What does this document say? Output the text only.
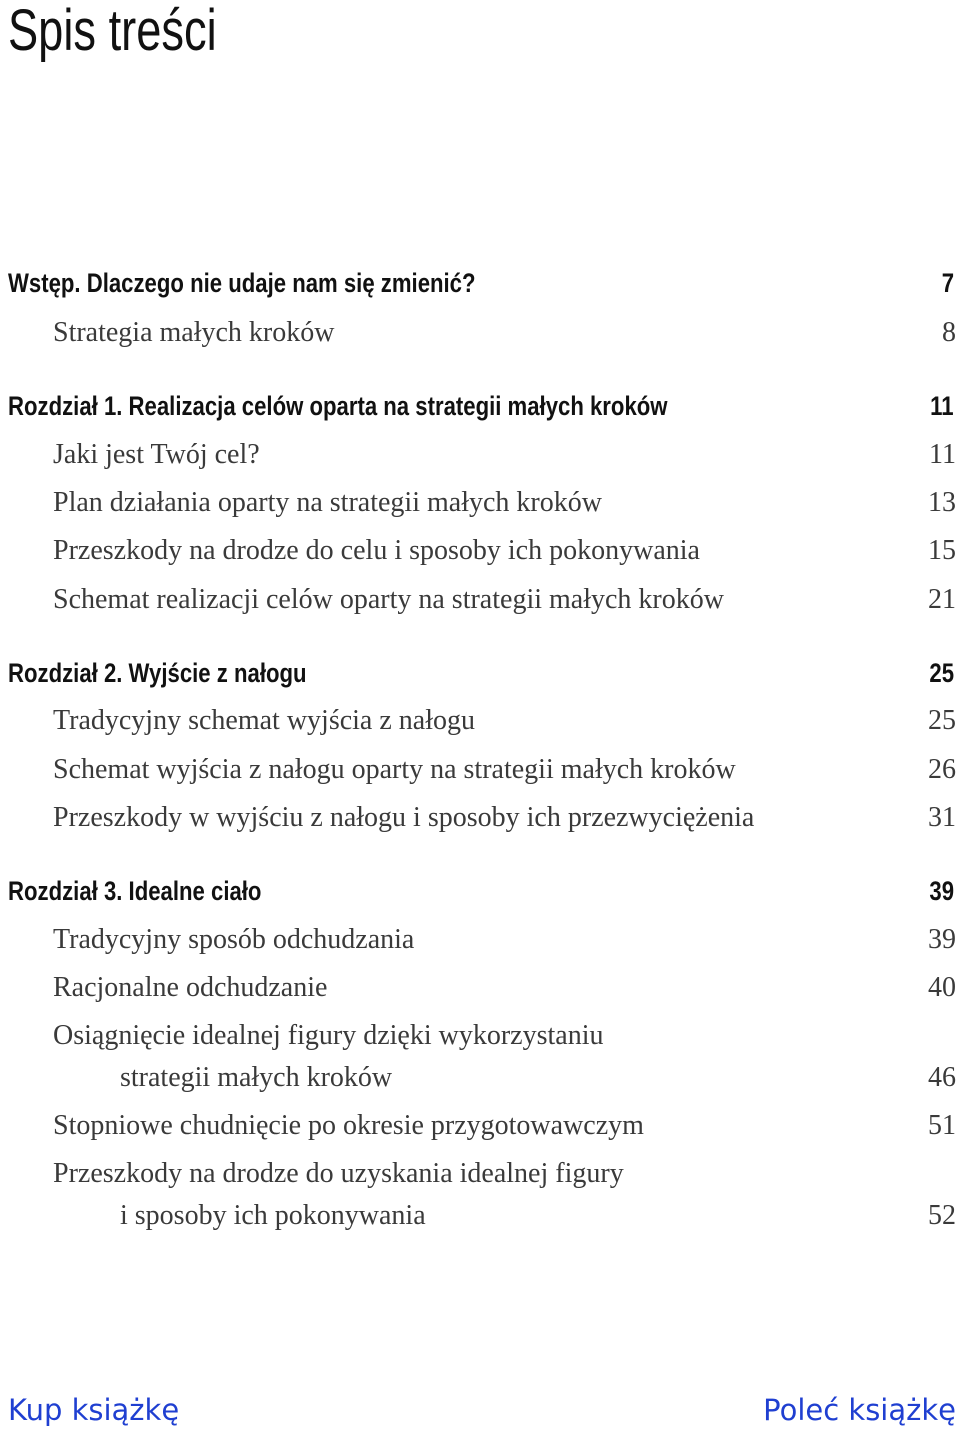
Spis treści
Wstęp. Dlaczego nie udaje nam się zmienić?	7
Strategia małych kroków	8
Rozdział 1. Realizacja celów oparta na strategii małych kroków	11
Jaki jest Twój cel?	11
Plan działania oparty na strategii małych kroków	13
Przeszkody na drodze do celu i sposoby ich pokonywania	15
Schemat realizacji celów oparty na strategii małych kroków	21
Rozdział 2. Wyjście z nałogu	25
Tradycyjny schemat wyjścia z nałogu	25
Schemat wyjścia z nałogu oparty na strategii małych kroków	26
Przeszkody w wyjściu z nałogu i sposoby ich przezwyciężenia	31
Rozdział 3. Idealne ciało	39
Tradycyjny sposób odchudzania	39
Racjonalne odchudzanie	40
Osiągnięcie idealnej figury dzięki wykorzystaniu
strategii małych kroków	46
Stopniowe chudnięcie po okresie przygotowawczym	51
Przeszkody na drodze do uzyskania idealnej figury
i sposoby ich pokonywania	52
Kup książkę	Poleć książkę
